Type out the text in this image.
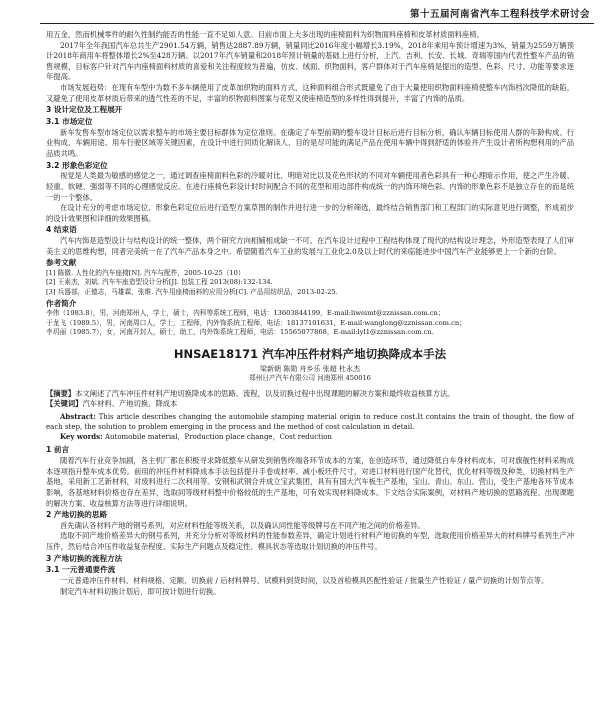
第十五届河南省汽车工程科技学术研讨会

用五金，然而机械零件的耐久性制约能否的性能一直不足如人意。目前市面上大多出现的座椅面料为织物面料座椅和皮革材质面料座椅。

2017年全年我国汽车总共生产2901.54万辆，销售达2887.89万辆，销量同比2016年度小幅增长3.19%，2018年乘用车预计增速为3%，销量为2559万辆预计2018年商用车将整体增长2%至428万辆。以2017年汽车销量和2018年预计销量的基础上进行分析，上汽、吉利、长安、长城、奇瑞等国内代表性整车产品的销售规模，目标客户针对汽车内座椅面料材质的喜爱和关注程度较为普遍，仿皮、绒面、织物面料，客户群体对于汽车座椅是提出的造型、色彩、尺寸、功能等要求逐年提高。

市场发展趋势：在现有车型中为数不多车辆使用了皮革加织物的面料方式，这种面料组合形式既避免了由于大量使用织物面料座椅使整车内饰档次降低的缺陷，又避免了使用皮革材质后带来的透气性差的不足，丰富的织物面料图案与花型又使座椅造型的多样性得到提升，丰富了内饰的品质。

3 设计定位及工程展开
3.1 市场定位

新车发售车型市场定位以需求整车的市场主要目标群体为定位准则。在确定了车型前期的整车设计目标后进行目标分析，确认车辆目标使用人群的年龄构成、行业构成、车辆用途、用车行驶区域等关键因素，在设计中进行同质化解读人、目的是尽可能的满足产品在使用车辆中得到舒适的体验并产生设计者所构想利用的产品品质共鸣。

3.2 形象色彩定位

视觉是人类最为敏感的感觉之一，通过调查座椅面料色彩的冷暖对比、明暗对比以及花色形状的不同对车辆使用者色彩具有一种心理暗示作用，使之产生冷暖、轻重、软硬、强弱等不同的心理感觉反应。在进行座椅色彩设计时时间配合不同的花型和用边部件构成统一的内饰环境色彩。内饰的形象色彩不是独立存在的而是统一的一个整体。

在设计充分的考虑市场定位、形象色彩定位后进行造型方案草图的制作并进行进一步的分析筛选，最终结合销售部门和工程部门的实际意见进行调整，形成初步的设计效果图和详细的效果图稿。

4 结束语

汽车内饰是造型设计与结构设计的统一整体，两个研究方向相辅相成缺一不可。在汽车设计过程中工程结构体现了现代的结构设计理念，外形造型表现了人们审美主义的思维构想，同者完美统一在了汽车产品本身之中。希望随着汽车工业的发展与工业化2.0及以上时代的来临能进步中国汽车产业能够更上一个新的台阶。

参考文献

[1] 陈微. 人性化的汽车座椅[N]. 汽车与配件，2005-10-25（10）

[2] 王素杰，刘斌. 汽车车座造型设计分析[J]. 包装工程 2013(08):132-134.

[3] 兵器部，正德志，马雄霖，张维. 汽车用座椅面料的应用分析[C]. 产品用纺织品，2013-02-25.

作者简介

李伟（1983.8），男，河南郑州人，学士，硕士，内科等系统工程师，电话：13603844199，E-mail:liweimt@zznissan.com.cn；

于龙飞（1989.5），男，河南周口人，学士，工程师，内外饰系统工程师，电话：18137101631，E-mail:wanglong@zznissan.com.cn；

李玥丽（1985.7），女，河南开封人，硕士，助工，内外饰系统工程师，电话：15565077868，E-mail:lyl1@zznissan.com.cn.

HNSAE18171 汽车冲压件材料产地切换降成本手法

梁新朝 陈勋 舟乡乐 张超 杜永杰

郑州日产汽车有限公司 河南郑州 450016

【摘要】本文阐述了汽车冲压件材料产地切换降成本的思路、流程，以及切换过程中出现课题的解决方案和最终收益核算方法。

【关键词】汽车材料、产地切换、降成本

Abstract: This article describes changing the automobile stamping material origin to reduce cost.It contains the train of thought, the flow of each step, the solution to problem emerging in the process and the method of cost calculation in detail.

Key words: Automobile material，Production place change，Cost reduction

1 前言

随着汽车行业竞争加剧，各主机厂都在积极寻求降低整车从研发到销售终端各环节成本的方案，在创造环节，通过降低白车身材料成本，可对旗舰性材料采购成本逐项指升整车成本优势。前用的冲压件材料降成本手法包括提升手卷成材率、减小板坯件尺寸，对进口材料进行国产化替代，优化材料等级及种类，切换材料生产基地，采用新工艺新材料，对废料进行二次利用等。安钢和武钢合并成立宝武集团，具有有国大汽车板生产基地，宝山、青山、东山、营山，受生产基地各环节成本影响，各基地材料价格也存在差异，选取同等级材料整中价格较低的生产基地，可有效实现材料降成本。下文结合实际案例，对材料产地切换的思路流程、出现课题的解决方案、收益核算方法等进行详细说明。

2 产地切换的思路

首先确认各材料产地的钢号系列，对应材料性能等级关系，以及确认同性能等级牌号在不同产地之间的价格差异。

选取不同产地价格差异大的钢号系列，并充分分析对等级材料的性能参数差异，确定计划进行材料产地切换的车型，选取使用价格差异大的材料牌号系列生产冲压件，然后结合冲压件收益复杂程度、实际生产问题点及稳定性、模具状态等选取计划切换的冲压件号。

3 产地切换的流程方法
3.1 一元普通要件流

一元普通冲压件材料、材料规格、定额、切换前 / 后材料牌号、试模料到货时间，以及首检模具匹配性验证 / 批量生产性验证 / 量产切换的计划节点等。

制定汽车材料切换计划后，即可按计划进行切换。
